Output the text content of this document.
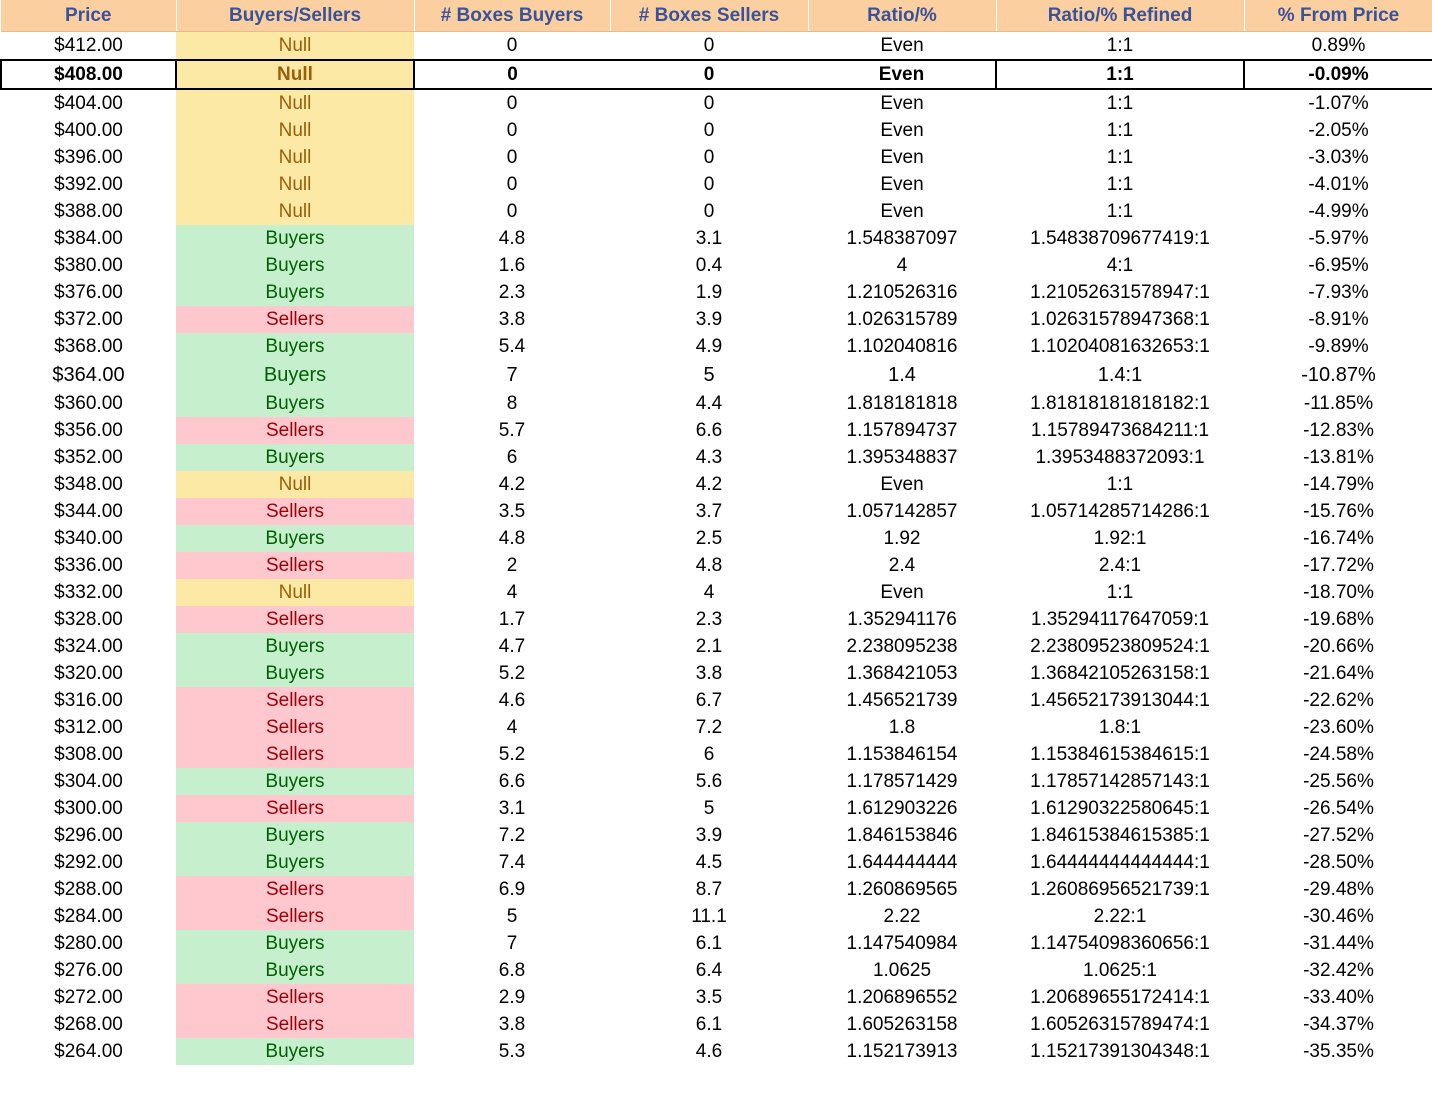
Price	Buyers/Sellers	# Boxes Buyers	# Boxes Sellers	Ratio/%	Ratio/% Refined	% From Price
$412.00	Null	0	0	Even	1:1	0.89%
$408.00	Null	0	0	Even	1:1	-0.09%
$404.00	Null	0	0	Even	1:1	-1.07%
$400.00	Null	0	0	Even	1:1	-2.05%
$396.00	Null	0	0	Even	1:1	-3.03%
$392.00	Null	0	0	Even	1:1	-4.01%
$388.00	Null	0	0	Even	1:1	-4.99%
$384.00	Buyers	4.8	3.1	1.548387097	1.54838709677419:1	-5.97%
$380.00	Buyers	1.6	0.4	4	4:1	-6.95%
$376.00	Buyers	2.3	1.9	1.210526316	1.21052631578947:1	-7.93%
$372.00	Sellers	3.8	3.9	1.026315789	1.02631578947368:1	-8.91%
$368.00	Buyers	5.4	4.9	1.102040816	1.10204081632653:1	-9.89%
$364.00	Buyers	7	5	1.4	1.4:1	-10.87%
$360.00	Buyers	8	4.4	1.818181818	1.81818181818182:1	-11.85%
$356.00	Sellers	5.7	6.6	1.157894737	1.15789473684211:1	-12.83%
$352.00	Buyers	6	4.3	1.395348837	1.3953488372093:1	-13.81%
$348.00	Null	4.2	4.2	Even	1:1	-14.79%
$344.00	Sellers	3.5	3.7	1.057142857	1.05714285714286:1	-15.76%
$340.00	Buyers	4.8	2.5	1.92	1.92:1	-16.74%
$336.00	Sellers	2	4.8	2.4	2.4:1	-17.72%
$332.00	Null	4	4	Even	1:1	-18.70%
$328.00	Sellers	1.7	2.3	1.352941176	1.35294117647059:1	-19.68%
$324.00	Buyers	4.7	2.1	2.238095238	2.23809523809524:1	-20.66%
$320.00	Buyers	5.2	3.8	1.368421053	1.36842105263158:1	-21.64%
$316.00	Sellers	4.6	6.7	1.456521739	1.45652173913044:1	-22.62%
$312.00	Sellers	4	7.2	1.8	1.8:1	-23.60%
$308.00	Sellers	5.2	6	1.153846154	1.15384615384615:1	-24.58%
$304.00	Buyers	6.6	5.6	1.178571429	1.17857142857143:1	-25.56%
$300.00	Sellers	3.1	5	1.612903226	1.61290322580645:1	-26.54%
$296.00	Buyers	7.2	3.9	1.846153846	1.84615384615385:1	-27.52%
$292.00	Buyers	7.4	4.5	1.644444444	1.64444444444444:1	-28.50%
$288.00	Sellers	6.9	8.7	1.260869565	1.26086956521739:1	-29.48%
$284.00	Sellers	5	11.1	2.22	2.22:1	-30.46%
$280.00	Buyers	7	6.1	1.147540984	1.14754098360656:1	-31.44%
$276.00	Buyers	6.8	6.4	1.0625	1.0625:1	-32.42%
$272.00	Sellers	2.9	3.5	1.206896552	1.20689655172414:1	-33.40%
$268.00	Sellers	3.8	6.1	1.605263158	1.60526315789474:1	-34.37%
$264.00	Buyers	5.3	4.6	1.152173913	1.15217391304348:1	-35.35%
